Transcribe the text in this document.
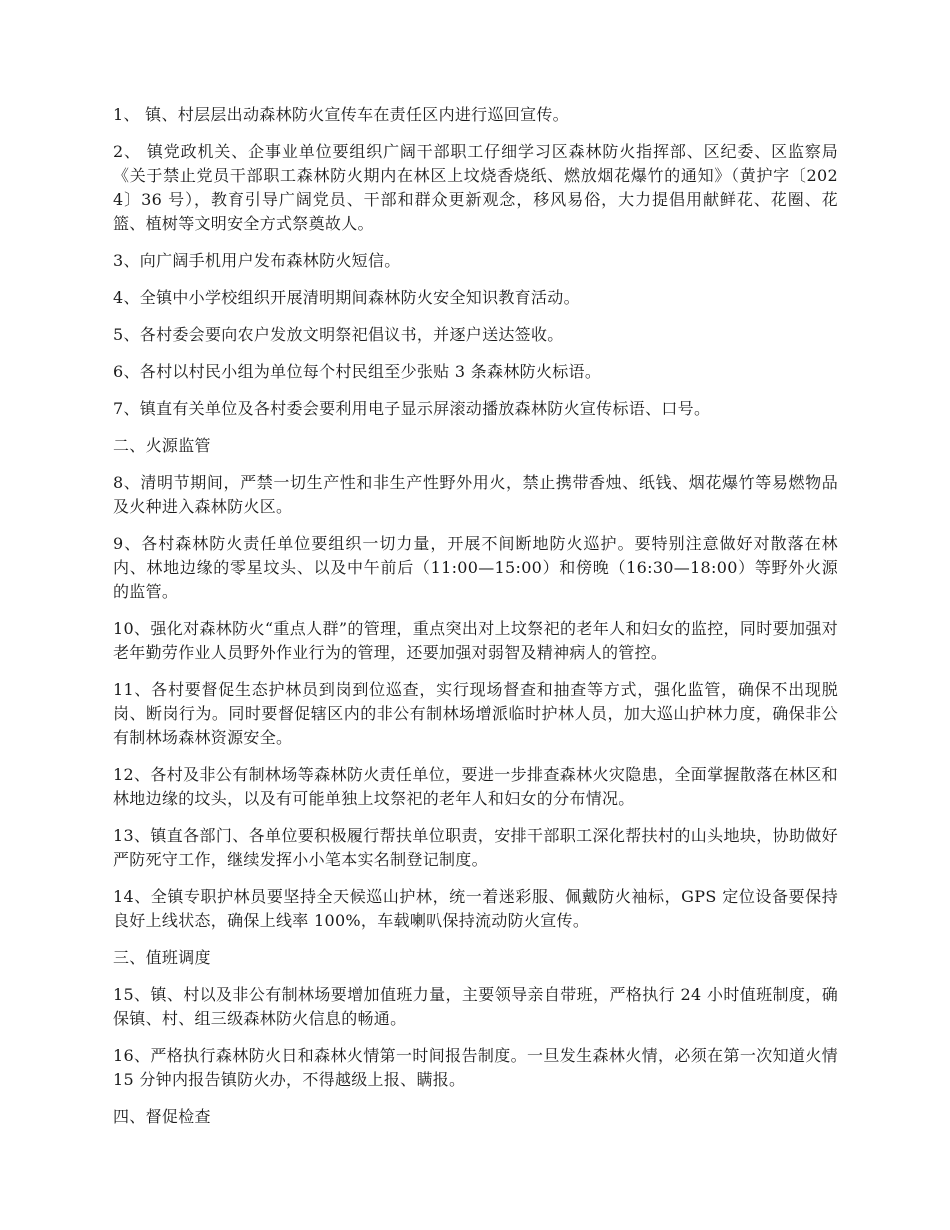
1、 镇、村层层出动森林防火宣传车在责任区内进行巡回宣传。

2、 镇党政机关、企事业单位要组织广阔干部职工仔细学习区森林防火指挥部、区纪委、区监察局《关于禁止党员干部职工森林防火期内在林区上坟烧香烧纸、燃放烟花爆竹的通知》（黄护字〔2024〕36 号），教育引导广阔党员、干部和群众更新观念，移风易俗，大力提倡用献鲜花、花圈、花篮、植树等文明安全方式祭奠故人。

3、向广阔手机用户发布森林防火短信。

4、全镇中小学校组织开展清明期间森林防火安全知识教育活动。

5、各村委会要向农户发放文明祭祀倡议书，并逐户送达签收。

6、各村以村民小组为单位每个村民组至少张贴 3 条森林防火标语。

7、镇直有关单位及各村委会要利用电子显示屏滚动播放森林防火宣传标语、口号。

二、火源监管

8、清明节期间，严禁一切生产性和非生产性野外用火，禁止携带香烛、纸钱、烟花爆竹等易燃物品及火种进入森林防火区。

9、各村森林防火责任单位要组织一切力量，开展不间断地防火巡护。要特别注意做好对散落在林内、林地边缘的零星坟头、以及中午前后（11:00—15:00）和傍晚（16:30—18:00）等野外火源的监管。

10、强化对森林防火“重点人群”的管理，重点突出对上坟祭祀的老年人和妇女的监控，同时要加强对老年勤劳作业人员野外作业行为的管理，还要加强对弱智及精神病人的管控。

11、各村要督促生态护林员到岗到位巡查，实行现场督查和抽查等方式，强化监管，确保不出现脱岗、断岗行为。同时要督促辖区内的非公有制林场增派临时护林人员，加大巡山护林力度，确保非公有制林场森林资源安全。

12、各村及非公有制林场等森林防火责任单位，要进一步排查森林火灾隐患，全面掌握散落在林区和林地边缘的坟头，以及有可能单独上坟祭祀的老年人和妇女的分布情况。

13、镇直各部门、各单位要积极履行帮扶单位职责，安排干部职工深化帮扶村的山头地块，协助做好严防死守工作，继续发挥小小笔本实名制登记制度。

14、全镇专职护林员要坚持全天候巡山护林，统一着迷彩服、佩戴防火袖标，GPS 定位设备要保持良好上线状态，确保上线率 100%，车载喇叭保持流动防火宣传。

三、值班调度

15、镇、村以及非公有制林场要增加值班力量，主要领导亲自带班，严格执行 24 小时值班制度，确保镇、村、组三级森林防火信息的畅通。

16、严格执行森林防火日和森林火情第一时间报告制度。一旦发生森林火情，必须在第一次知道火情 15 分钟内报告镇防火办，不得越级上报、瞒报。

四、督促检查
